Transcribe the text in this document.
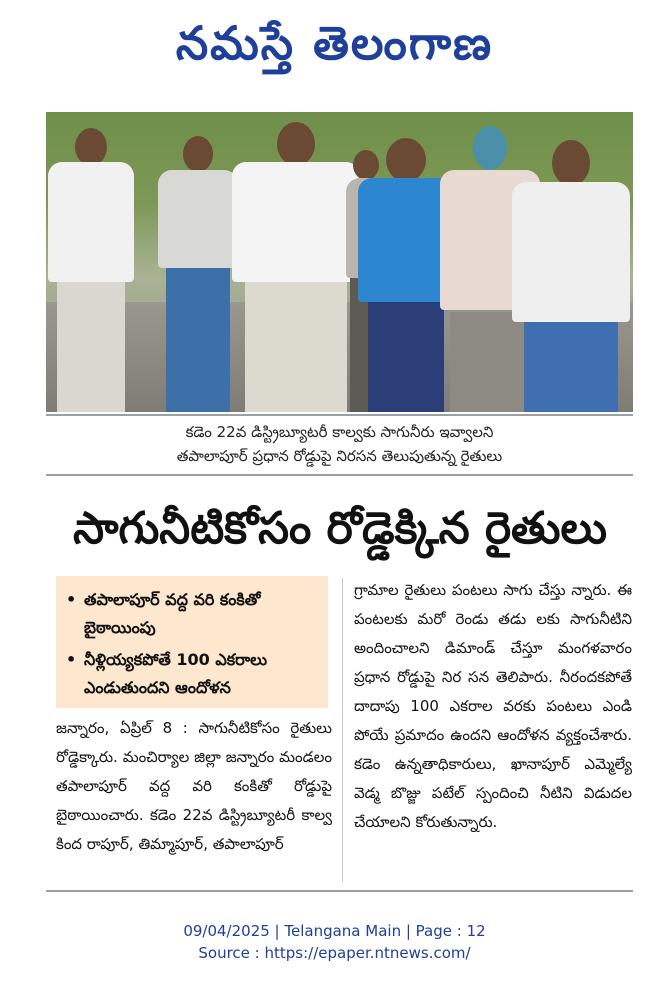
నమస్తే తెలంగాణ
కడెం 22వ డిస్ట్రిబ్యూటరీ కాల్వకు సాగునీరు ఇవ్వాలని
తపాలాపూర్ ప్రధాన రోడ్డుపై నిరసన తెలుపుతున్న రైతులు
సాగునీటికోసం రోడ్డెక్కిన రైతులు
• తపాలాపూర్ వద్ద వరి కంకితో బైఠాయింపు
• నీళ్లియ్యకపోతే 100 ఎకరాలు ఎండుతుందని ఆందోళన
జన్నారం, ఏప్రిల్ 8 : సాగునీటికోసం రైతులు రోడ్డెక్కారు. మంచిర్యాల జిల్లా జన్నారం మండలం తపాలాపూర్ వద్ద వరి కంకితో రోడ్డుపై బైఠాయించారు. కడెం 22వ డిస్ట్రిబ్యూటరీ కాల్వ కింద రాపూర్, తిమ్మాపూర్, తపాలాపూర్
గ్రామాల రైతులు పంటలు సాగు చేస్తు న్నారు. ఈ పంటలకు మరో రెండు తడు లకు సాగునీటిని అందించాలని డిమాండ్ చేస్తూ మంగళవారం ప్రధాన రోడ్డుపై నిర సన తెలిపారు. నీరందకపోతే దాదాపు 100 ఎకరాల వరకు పంటలు ఎండి పోయే ప్రమాదం ఉందని ఆందోళన వ్యక్తంచేశారు. కడెం ఉన్నతాధికారులు, ఖానాపూర్ ఎమ్మెల్యే వెడ్మ బొజ్జు పటేల్ స్పందించి నీటిని విడుదల చేయాలని కోరుతున్నారు.
09/04/2025 | Telangana Main | Page : 12
Source : https://epaper.ntnews.com/
